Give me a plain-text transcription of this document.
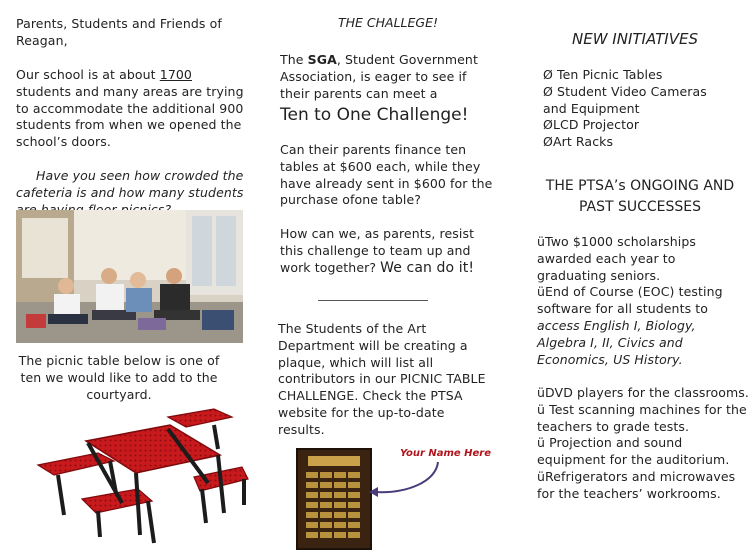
Parents, Students and Friends of Reagan,
Our school is at about 1700 students and many areas are trying to accommodate the additional 900 students from when we opened the school’s doors.
Have you seen how crowded the cafeteria is and how many students
The picnic table below is one of ten we would like to add to the courtyard.
THE CHALLEGE!
The SGA, Student Government Association, is eager to see if their parents can meet a
Ten to One Challenge!
Can their parents finance ten tables at $600 each, while they have already sent in $600 for the purchase ofone table?
How can we, as parents, resist this challenge to team up and work together? We can do it!
The Students of the Art Department will be creating a plaque, which will list all contributors in our PICNIC TABLE CHALLENGE. Check the PTSA website for the up-to-date results.
Your Name Here
NEW INITIATIVES
Ø Ten Picnic Tables
Ø Student Video Cameras and Equipment
ØLCD Projector
ØArt Racks
THE PTSA’s ONGOING AND PAST SUCCESSES
üTwo $1000 scholarships awarded each year to graduating seniors.
üEnd of Course (EOC) testing software for all students to access English I, Biology, Algebra I, II, Civics and Economics, US History.
üDVD players for the classrooms.
ü Test scanning machines for the teachers to grade tests.
ü Projection and sound equipment for the auditorium.
üRefrigerators and microwaves for the teachers’ workrooms.
